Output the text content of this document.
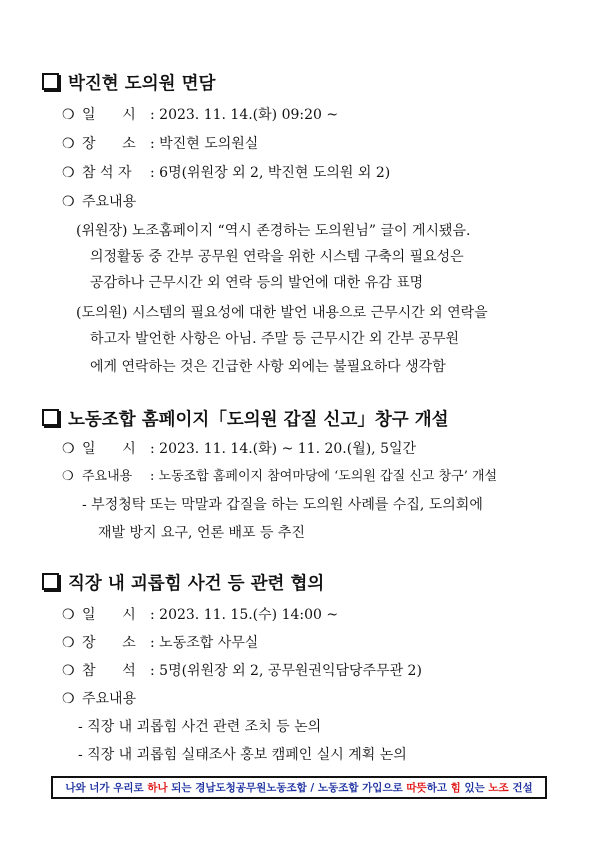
박진현 도의원 면담
❍ 일      시 : 2023. 11. 14.(화) 09:20 ~
❍ 장      소 : 박진현 도의원실
❍ 참 석 자 : 6명(위원장 외 2, 박진현 도의원 외 2)
❍ 주요내용
(위원장) 노조홈페이지 “역시 존경하는 도의원님” 글이 게시됐음.
의정활동 중 간부 공무원 연락을 위한 시스템 구축의 필요성은
공감하나 근무시간 외 연락 등의 발언에 대한 유감 표명
(도의원) 시스템의 필요성에 대한 발언 내용으로 근무시간 외 연락을
하고자 발언한 사항은 아님. 주말 등 근무시간 외 간부 공무원
에게 연락하는 것은 긴급한 사항 외에는 불필요하다 생각함
노동조합 홈페이지「도의원 갑질 신고」창구 개설
❍ 일      시 : 2023. 11. 14.(화) ~ 11. 20.(월), 5일간
❍ 주요내용 : 노동조합 홈페이지 참여마당에 ‘도의원 갑질 신고 창구’ 개설
- 부정청탁 또는 막말과 갑질을 하는 도의원 사례를 수집, 도의회에
재발 방지 요구, 언론 배포 등 추진
직장 내 괴롭힘 사건 등 관련 협의
❍ 일      시 : 2023. 11. 15.(수) 14:00 ~
❍ 장      소 : 노동조합 사무실
❍ 참      석 : 5명(위원장 외 2, 공무원권익담당주무관 2)
❍ 주요내용
- 직장 내 괴롭힘 사건 관련 조치 등 논의
- 직장 내 괴롭힘 실태조사 홍보 캠페인 실시 계획 논의
나와 너가 우리로 하나 되는 경남도청공무원노동조합 / 노동조합 가입으로 따뜻 하고 힘 있는 노조 건설
